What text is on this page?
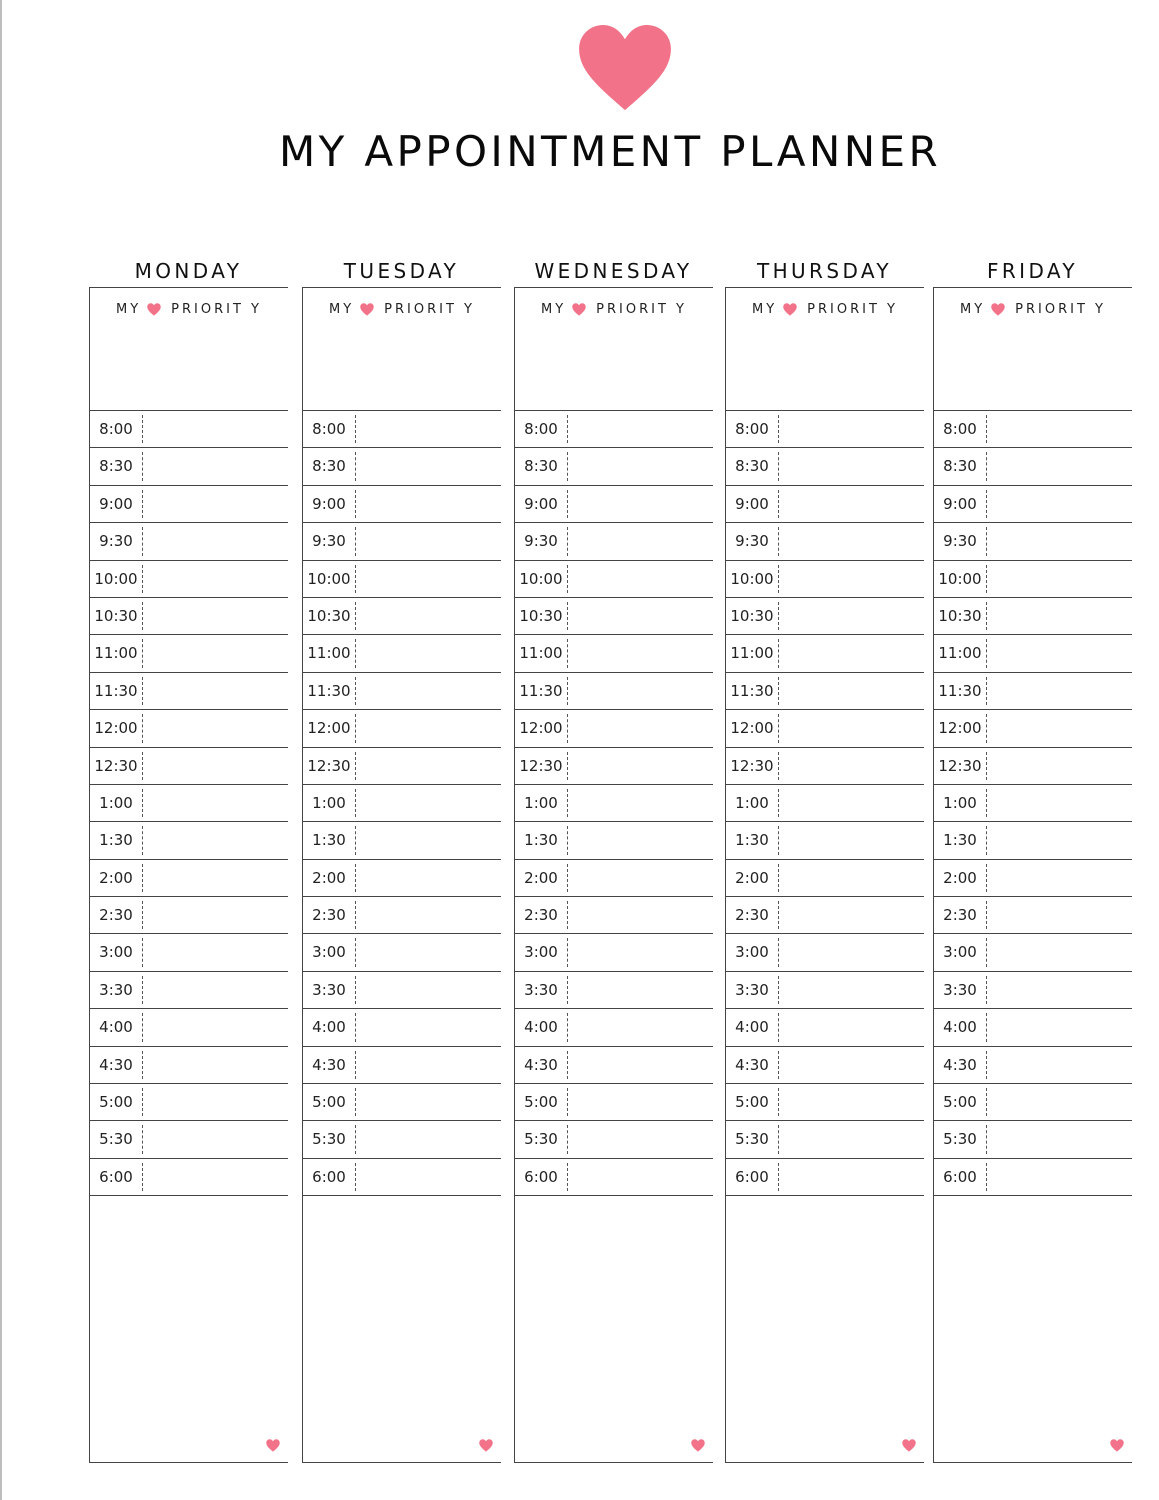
MY APPOINTMENT PLANNER
MONDAY
MY PRIORIT Y
8:00
8:30
9:00
9:30
10:00
10:30
11:00
11:30
12:00
12:30
1:00
1:30
2:00
2:30
3:00
3:30
4:00
4:30
5:00
5:30
6:00
TUESDAY
MY PRIORIT Y
8:00
8:30
9:00
9:30
10:00
10:30
11:00
11:30
12:00
12:30
1:00
1:30
2:00
2:30
3:00
3:30
4:00
4:30
5:00
5:30
6:00
WEDNESDAY
MY PRIORIT Y
8:00
8:30
9:00
9:30
10:00
10:30
11:00
11:30
12:00
12:30
1:00
1:30
2:00
2:30
3:00
3:30
4:00
4:30
5:00
5:30
6:00
THURSDAY
MY PRIORIT Y
8:00
8:30
9:00
9:30
10:00
10:30
11:00
11:30
12:00
12:30
1:00
1:30
2:00
2:30
3:00
3:30
4:00
4:30
5:00
5:30
6:00
FRIDAY
MY PRIORIT Y
8:00
8:30
9:00
9:30
10:00
10:30
11:00
11:30
12:00
12:30
1:00
1:30
2:00
2:30
3:00
3:30
4:00
4:30
5:00
5:30
6:00
